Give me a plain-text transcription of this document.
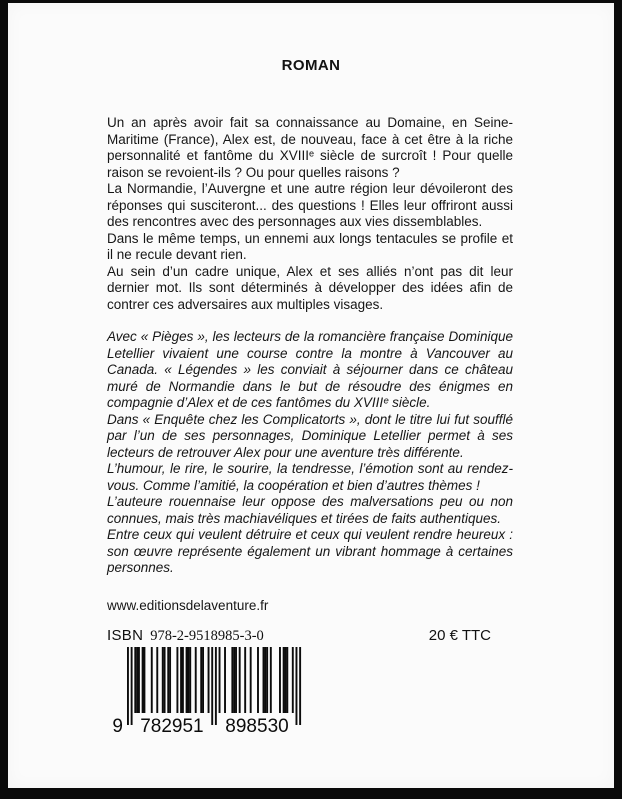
ROMAN

Un an après avoir fait sa connaissance au Domaine, en Seine-Maritime (France), Alex est, de nouveau, face à cet être à la riche personnalité et fantôme du XVIIIᵉ siècle de surcroît ! Pour quelle raison se revoient-ils ? Ou pour quelles raisons ?

La Normandie, l’Auvergne et une autre région leur dévoileront des réponses qui susciteront... des questions ! Elles leur offriront aussi des rencontres avec des personnages aux vies dissemblables.

Dans le même temps, un ennemi aux longs tentacules se profile et il ne recule devant rien.

Au sein d’un cadre unique, Alex et ses alliés n’ont pas dit leur dernier mot. Ils sont déterminés à développer des idées afin de contrer ces adversaires aux multiples visages.

Avec « Pièges », les lecteurs de la romancière française Dominique Letellier vivaient une course contre la montre à Vancouver au Canada. « Légendes » les conviait à séjourner dans ce château muré de Normandie dans le but de résoudre des énigmes en compagnie d’Alex et de ces fantômes du XVIIIᵉ siècle.

Dans « Enquête chez les Complicatorts », dont le titre lui fut soufflé par l’un de ses personnages, Dominique Letellier permet à ses lecteurs de retrouver Alex pour une aventure très différente.

L’humour, le rire, le sourire, la tendresse, l’émotion sont au rendez-vous. Comme l’amitié, la coopération et bien d’autres thèmes !

L’auteure rouennaise leur oppose des malversations peu ou non connues, mais très machiavéliques et tirées de faits authentiques.

Entre ceux qui veulent détruire et ceux qui veulent rendre heureux : son œuvre représente également un vibrant hommage à certaines personnes.

www.editionsdelaventure.fr

ISBN 978-2-9518985-3-0	20 € TTC
9 782951 898530
